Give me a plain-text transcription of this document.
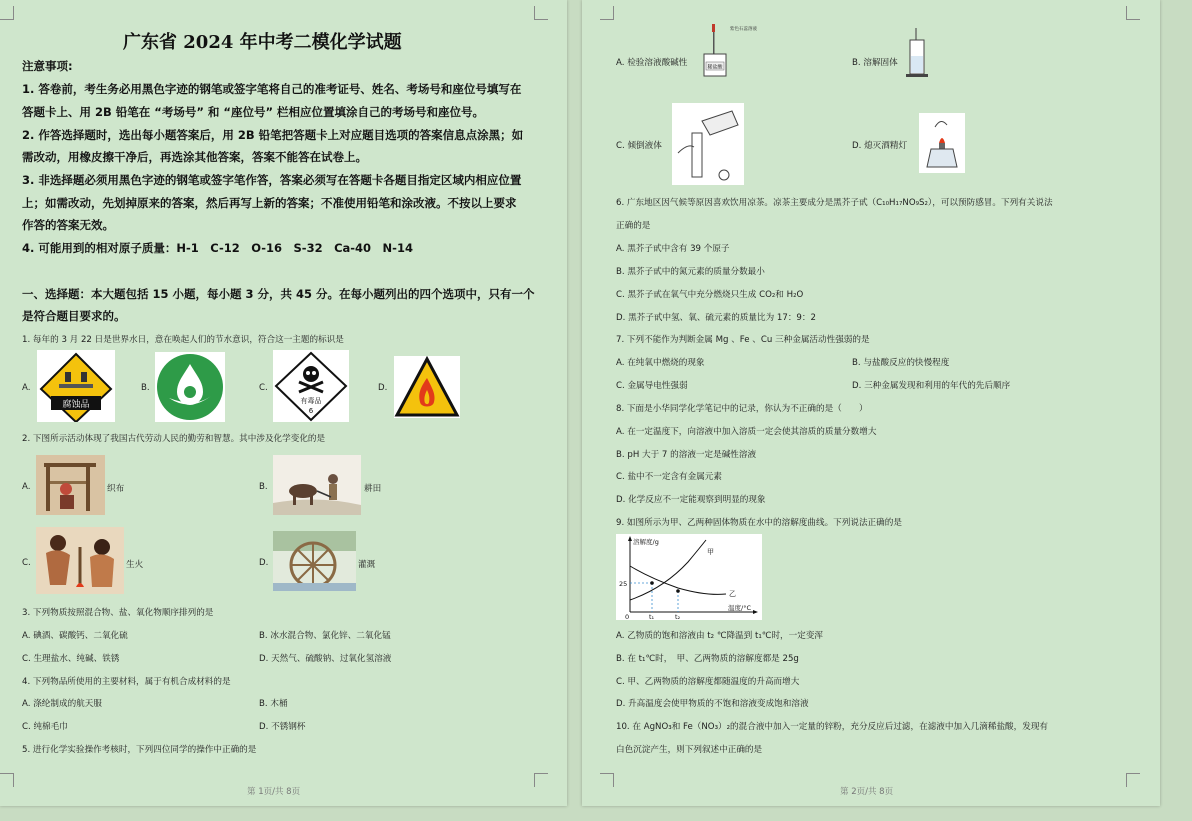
广东省 2024 年中考二模化学试题
注意事项:
1. 答卷前，考生务必用黑色字迹的钢笔或签字笔将自己的准考证号、姓名、考场号和座位号填写在
答题卡上、用 2B 铅笔在 “考场号” 和 “座位号” 栏相应位置填涂自己的考场号和座位号。
2. 作答选择题时，选出每小题答案后，用 2B 铅笔把答题卡上对应题目选项的答案信息点涂黑；如
需改动，用橡皮擦干净后，再选涂其他答案，答案不能答在试卷上。
3. 非选择题必须用黑色字迹的钢笔或签字笔作答，答案必须写在答题卡各题目指定区域内相应位置
上；如需改动，先划掉原来的答案，然后再写上新的答案；不准使用铅笔和涂改液。不按以上要求
作答的答案无效。
4. 可能用到的相对原子质量：H-1　C-12　O-16　S-32　Ca-40　N-14
一、选择题：本大题包括 15 小题，每小题 3 分，共 45 分。在每小题列出的四个选项中，只有一个
是符合题目要求的。
1. 每年的 3 月 22 日是世界水日，意在唤起人们的节水意识，符合这一主题的标识是
A.
腐蚀品
B.	C.
有毒品
6
D.
2. 下图所示活动体现了我国古代劳动人民的勤劳和智慧。其中涉及化学变化的是
A.	织布	B.	耕田
C.	生火	D.	灌溉
3. 下列物质按照混合物、盐、氧化物顺序排列的是
A. 碘酒、碳酸钙、二氧化硫	B. 冰水混合物、氯化锌、二氧化锰
C. 生理盐水、纯碱、铁锈	D. 天然气、硫酸钠、过氧化氢溶液
4. 下列物品所使用的主要材料，属于有机合成材料的是
A. 涤纶制成的航天服	B. 木桶
C. 纯棉毛巾	D. 不锈钢杯
5. 进行化学实验操作考核时，下列四位同学的操作中正确的是
第 1页/共 8页
A. 检验溶液酸碱性	稀盐酸
紫色石蕊溶液
B. 溶解固体
C. 倾倒液体	D. 熄灭酒精灯
6. 广东地区因气候等原因喜欢饮用凉茶。凉茶主要成分是黑芥子甙（C₁₀H₁₇NO₉S₂），可以预防感冒。下列有关说法
正确的是
A. 黑芥子甙中含有 39 个原子
B. 黑芥子甙中的氮元素的质量分数最小
C. 黑芥子甙在氧气中充分燃烧只生成 CO₂和 H₂O
D. 黑芥子甙中氢、氧、硫元素的质量比为 17：9：2
7. 下列不能作为判断金属 Mg 、Fe 、Cu 三种金属活动性强弱的是
A. 在纯氧中燃烧的现象	B. 与盐酸反应的快慢程度
C. 金属导电性强弱	D. 三种金属发现和利用的年代的先后顺序
8. 下面是小华同学化学笔记中的记录，你认为不正确的是（　　）
A. 在一定温度下，向溶液中加入溶质一定会使其溶质的质量分数增大
B. pH 大于 7 的溶液一定是碱性溶液
C. 盐中不一定含有金属元素
D. 化学反应不一定能观察到明显的现象
9. 如图所示为甲、乙两种固体物质在水中的溶解度曲线。下列说法正确的是
溶解度/g
温度/°C
甲
乙
25
0	t₁	t₂
A. 乙物质的饱和溶液由 t₂ ℃降温到 t₁℃时，一定变浑
B. 在 t₁℃时，　甲、乙两物质的溶解度都是 25g
C. 甲、乙两物质的溶解度都随温度的升高而增大
D. 升高温度会使甲物质的不饱和溶液变成饱和溶液
10. 在 AgNO₃和 Fe（NO₃）₂的混合液中加入一定量的锌粉，充分反应后过滤，在滤液中加入几滴稀盐酸，发现有
白色沉淀产生，则下列叙述中正确的是
第 2页/共 8页
